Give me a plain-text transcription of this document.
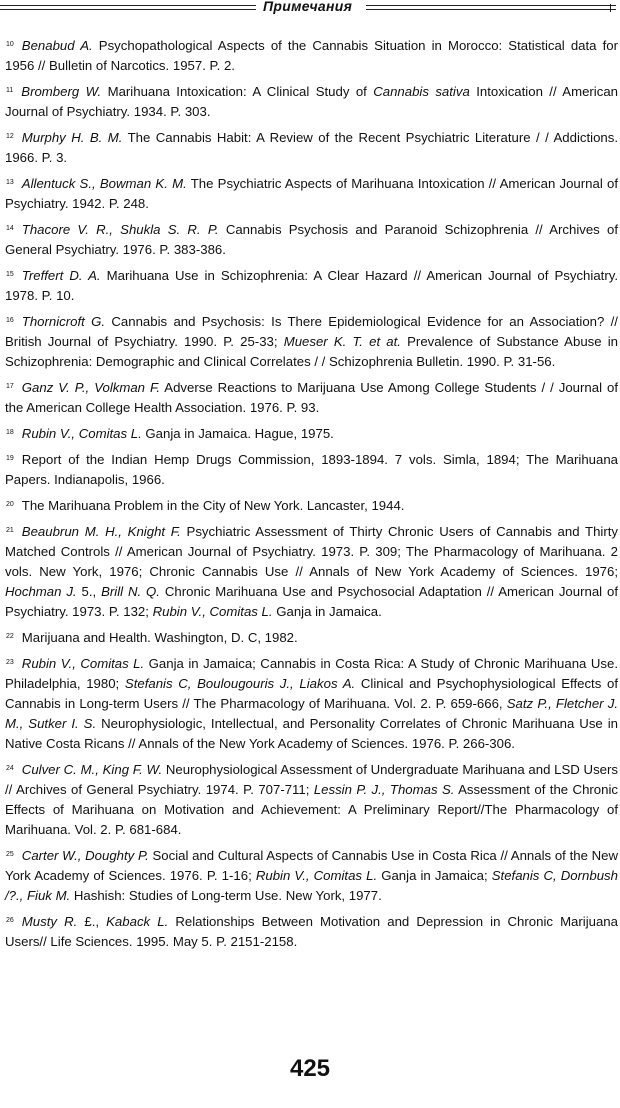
Примечания

$^{10}$ Benabud A. Psychopathological Aspects of the Cannabis Situation in Morocco: Statistical data for 1956 // Bulletin of Narcotics. 1957. P. 2.

$^{11}$ Bromberg W. Marihuana Intoxication: A Clinical Study of Cannabis sativa Intoxication // American Journal of Psychiatry. 1934. P. 303.

$^{12}$ Murphy H. B. M. The Cannabis Habit: A Review of the Recent Psychiatric Literature / / Addictions. 1966. P. 3.

$^{13}$ Allentuck S., Bowman K. M. The Psychiatric Aspects of Marihuana Intoxication // American Journal of Psychiatry. 1942. P. 248.

$^{14}$ Thacore V. R., Shukla S. R. P. Cannabis Psychosis and Paranoid Schizophrenia // Archives of General Psychiatry. 1976. P. 383-386.

$^{15}$ Treffert D. A. Marihuana Use in Schizophrenia: A Clear Hazard // American Journal of Psychiatry. 1978. P. 10.

$^{16}$ Thornicroft G. Cannabis and Psychosis: Is There Epidemiological Evidence for an Association? // British Journal of Psychiatry. 1990. P. 25-33; Mueser K. T. et at. Prevalence of Substance Abuse in Schizophrenia: Demographic and Clinical Correlates / / Schizophrenia Bulletin. 1990. P. 31-56.

$^{17}$ Ganz V. P., Volkman F. Adverse Reactions to Marijuana Use Among College Students / / Journal of the American College Health Association. 1976. P. 93.

$^{18}$ Rubin V., Comitas L. Ganja in Jamaica. Hague, 1975.

$^{19}$ Report of the Indian Hemp Drugs Commission, 1893-1894. 7 vols. Simla, 1894; The Marihuana Papers. Indianapolis, 1966.

$^{20}$ The Marihuana Problem in the City of New York. Lancaster, 1944.

$^{21}$ Beaubrun M. H., Knight F. Psychiatric Assessment of Thirty Chronic Users of Cannabis and Thirty Matched Controls // American Journal of Psychiatry. 1973. P. 309; The Pharmacology of Marihuana. 2 vols. New York, 1976; Chronic Cannabis Use // Annals of New York Academy of Sciences. 1976; Hochman J. 5., Brill N. Q. Chronic Marihuana Use and Psychosocial Adaptation // American Journal of Psychiatry. 1973. P. 132; Rubin V., Comitas L. Ganja in Jamaica.

$^{22}$ Marijuana and Health. Washington, D. C, 1982.

$^{23}$ Rubin V., Comitas L. Ganja in Jamaica; Cannabis in Costa Rica: A Study of Chronic Marihuana Use. Philadelphia, 1980; Stefanis C, Boulougouris J., Liakos A. Clinical and Psychophysiological Effects of Cannabis in Long-term Users // The Pharmacology of Marihuana. Vol. 2. P. 659-666, Satz P., Fletcher J. M., Sutker I. S. Neurophysiologic, Intellectual, and Personality Correlates of Chronic Marihuana Use in Native Costa Ricans // Annals of the New York Academy of Sciences. 1976. P. 266-306.

$^{24}$ Culver C. M., King F. W. Neurophysiological Assessment of Undergraduate Marihuana and LSD Users // Archives of General Psychiatry. 1974. P. 707-711; Lessin P. J., Thomas S. Assessment of the Chronic Effects of Marihuana on Motivation and Achievement: A Preliminary Report//The Pharmacology of Marihuana. Vol. 2. P. 681-684.

$^{25}$ Carter W., Doughty P. Social and Cultural Aspects of Cannabis Use in Costa Rica // Annals of the New York Academy of Sciences. 1976. P. 1-16; Rubin V., Comitas L. Ganja in Jamaica; Stefanis C, Dornbush /?., Fiuk M. Hashish: Studies of Long-term Use. New York, 1977.

$^{26}$ Musty R. £., Kaback L. Relationships Between Motivation and Depression in Chronic Marijuana Users// Life Sciences. 1995. May 5. P. 2151-2158.

425
